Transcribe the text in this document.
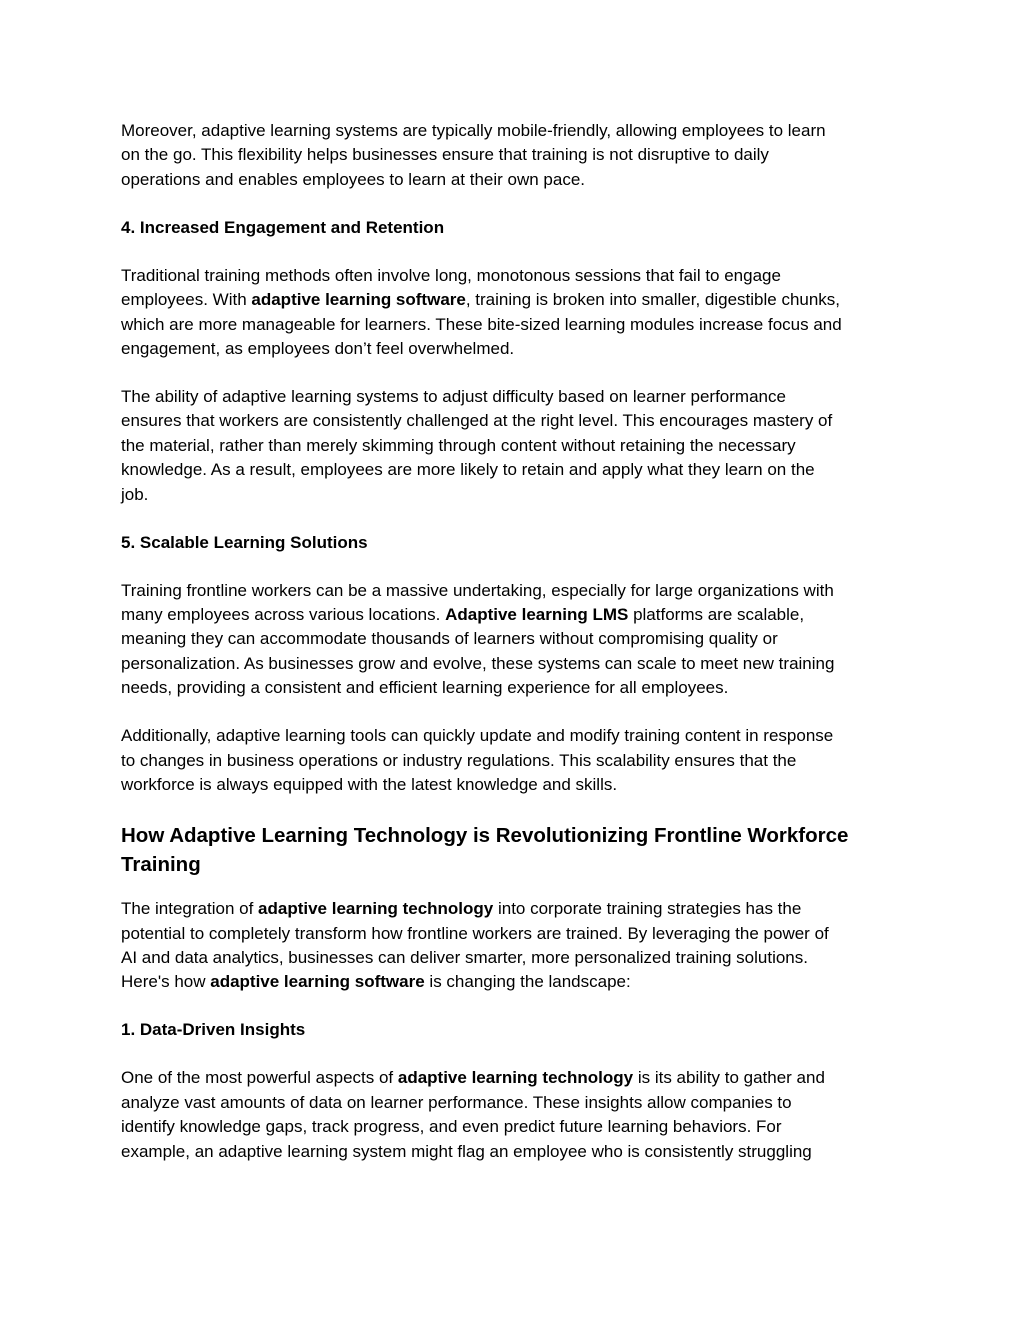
Moreover, adaptive learning systems are typically mobile-friendly, allowing employees to learn
on the go. This flexibility helps businesses ensure that training is not disruptive to daily
operations and enables employees to learn at their own pace.

4. Increased Engagement and Retention

Traditional training methods often involve long, monotonous sessions that fail to engage
employees. With adaptive learning software, training is broken into smaller, digestible chunks,
which are more manageable for learners. These bite-sized learning modules increase focus and
engagement, as employees don’t feel overwhelmed.

The ability of adaptive learning systems to adjust difficulty based on learner performance
ensures that workers are consistently challenged at the right level. This encourages mastery of
the material, rather than merely skimming through content without retaining the necessary
knowledge. As a result, employees are more likely to retain and apply what they learn on the
job.

5. Scalable Learning Solutions

Training frontline workers can be a massive undertaking, especially for large organizations with
many employees across various locations. Adaptive learning LMS platforms are scalable,
meaning they can accommodate thousands of learners without compromising quality or
personalization. As businesses grow and evolve, these systems can scale to meet new training
needs, providing a consistent and efficient learning experience for all employees.

Additionally, adaptive learning tools can quickly update and modify training content in response
to changes in business operations or industry regulations. This scalability ensures that the
workforce is always equipped with the latest knowledge and skills.

How Adaptive Learning Technology is Revolutionizing Frontline Workforce
Training

The integration of adaptive learning technology into corporate training strategies has the
potential to completely transform how frontline workers are trained. By leveraging the power of
AI and data analytics, businesses can deliver smarter, more personalized training solutions.
Here's how adaptive learning software is changing the landscape:

1. Data-Driven Insights

One of the most powerful aspects of adaptive learning technology is its ability to gather and
analyze vast amounts of data on learner performance. These insights allow companies to
identify knowledge gaps, track progress, and even predict future learning behaviors. For
example, an adaptive learning system might flag an employee who is consistently struggling
